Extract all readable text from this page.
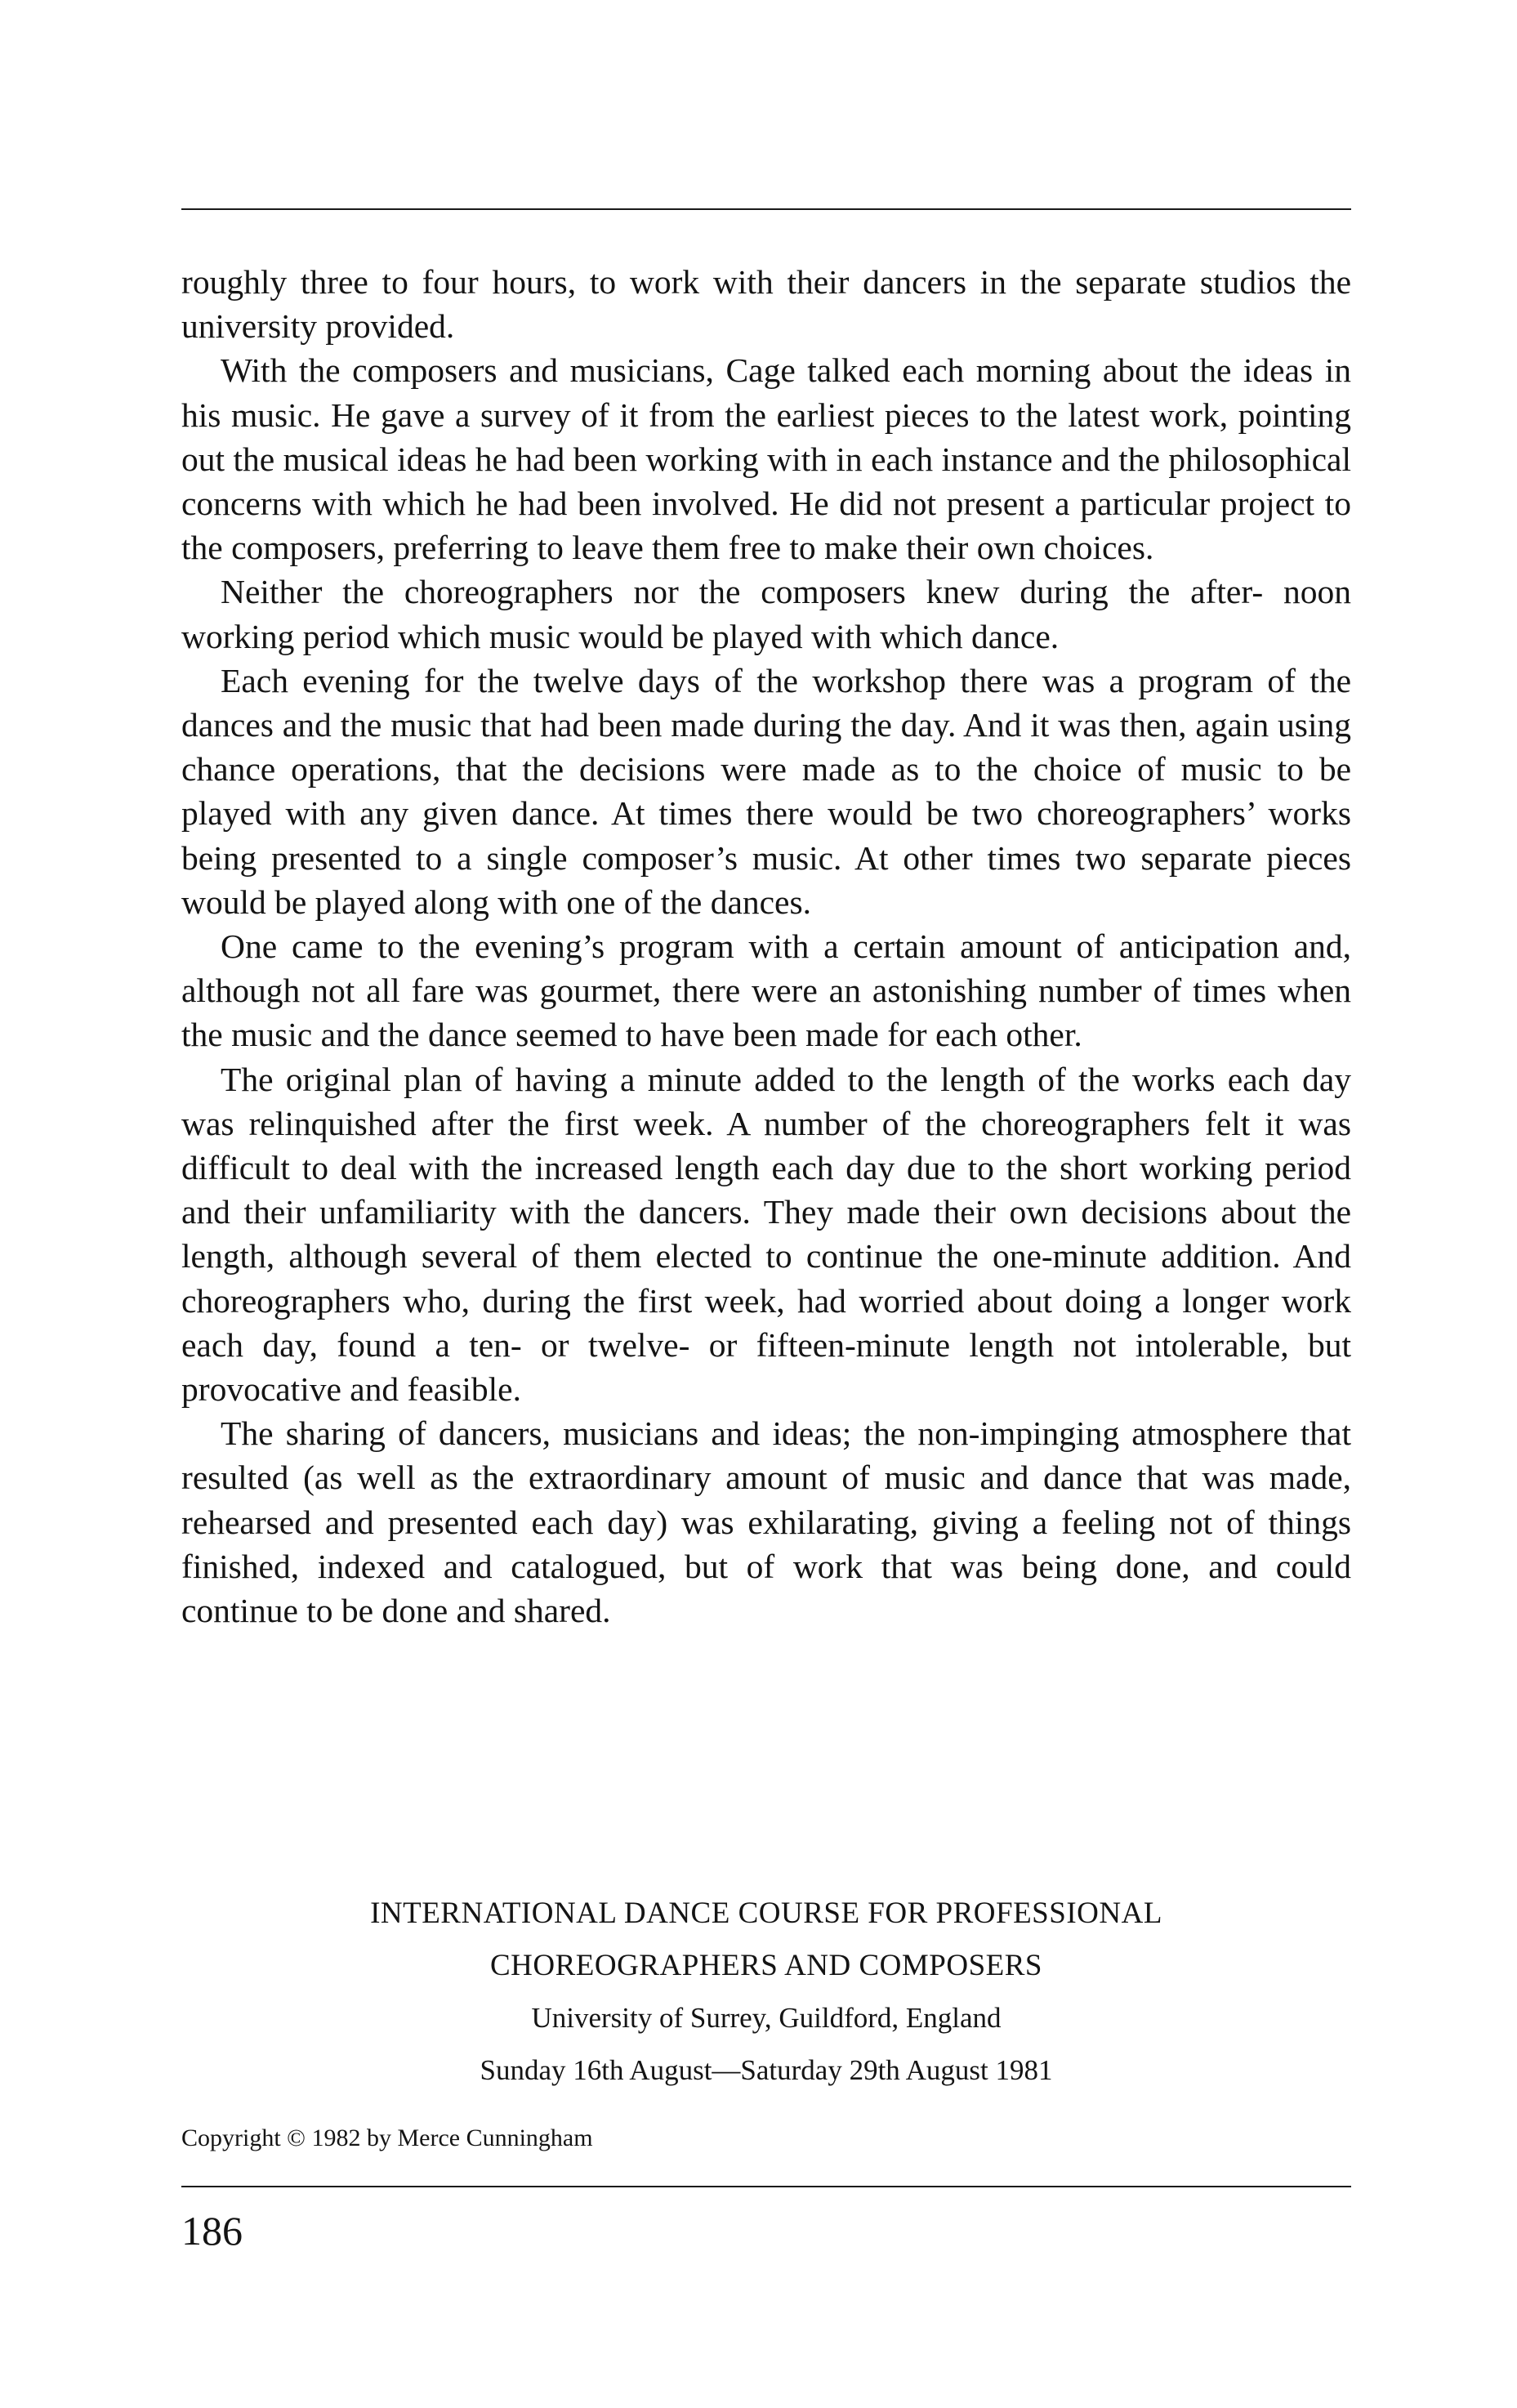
roughly three to four hours, to work with their dancers in the separate studios the university provided.

With the composers and musicians, Cage talked each morning about the ideas in his music. He gave a survey of it from the earliest pieces to the latest work, pointing out the musical ideas he had been working with in each instance and the philosophical concerns with which he had been involved. He did not present a particular project to the composers, preferring to leave them free to make their own choices.

Neither the choreographers nor the composers knew during the after- noon working period which music would be played with which dance.

Each evening for the twelve days of the workshop there was a program of the dances and the music that had been made during the day. And it was then, again using chance operations, that the decisions were made as to the choice of music to be played with any given dance. At times there would be two choreographers’ works being presented to a single composer’s music. At other times two separate pieces would be played along with one of the dances.

One came to the evening’s program with a certain amount of anticipation and, although not all fare was gourmet, there were an astonishing number of times when the music and the dance seemed to have been made for each other.

The original plan of having a minute added to the length of the works each day was relinquished after the first week. A number of the choreographers felt it was difficult to deal with the increased length each day due to the short working period and their unfamiliarity with the dancers. They made their own decisions about the length, although several of them elected to continue the one-minute addition. And choreographers who, during the first week, had worried about doing a longer work each day, found a ten- or twelve- or fifteen-minute length not intolerable, but provocative and feasible.

The sharing of dancers, musicians and ideas; the non-impinging atmosphere that resulted (as well as the extraordinary amount of music and dance that was made, rehearsed and presented each day) was exhilarating, giving a feeling not of things finished, indexed and catalogued, but of work that was being done, and could continue to be done and shared.

INTERNATIONAL DANCE COURSE FOR PROFESSIONAL
CHOREOGRAPHERS AND COMPOSERS
University of Surrey, Guildford, England
Sunday 16th August—Saturday 29th August 1981
Copyright © 1982 by Merce Cunningham
186
